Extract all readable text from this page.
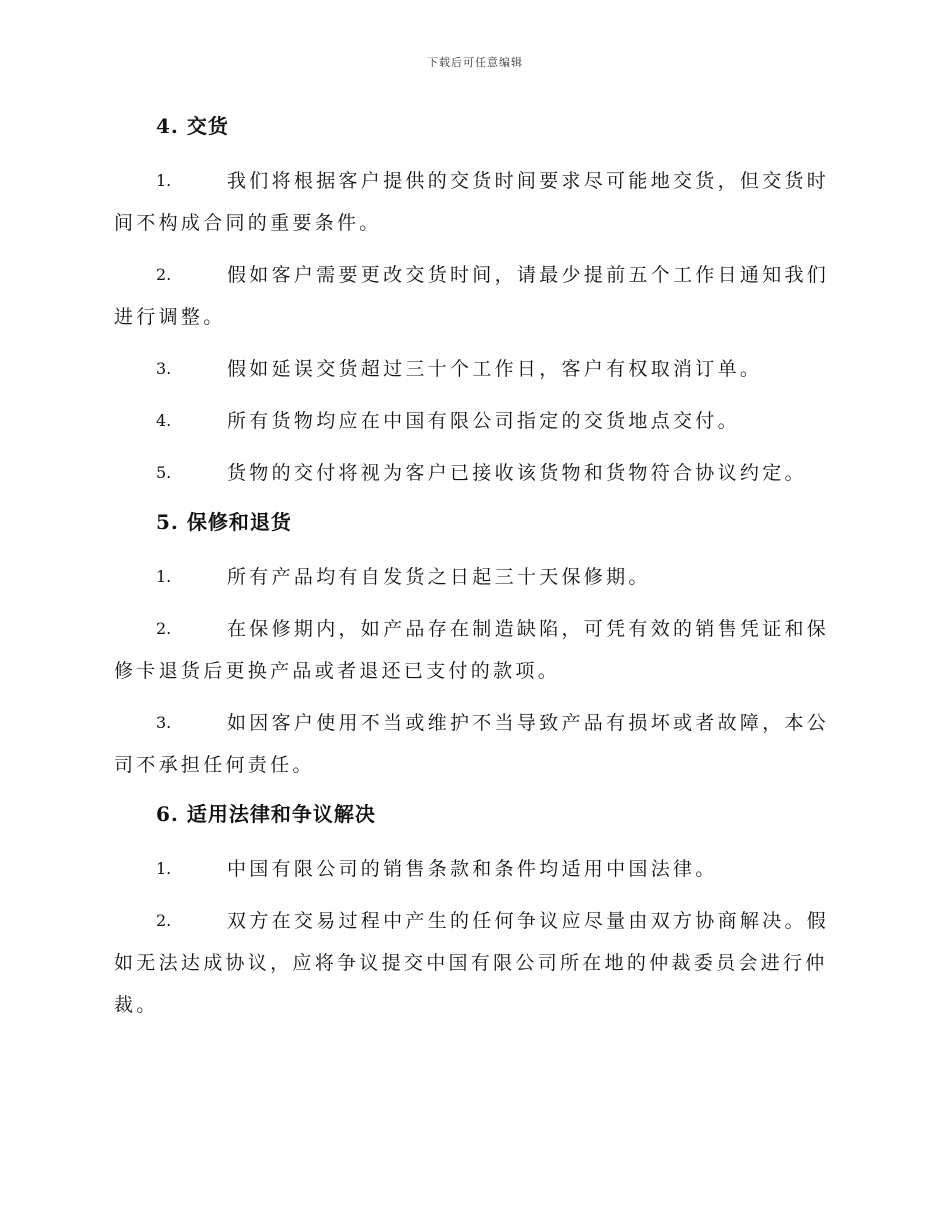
下载后可任意编辑
4. 交货
1.	我们将根据客户提供的交货时间要求尽可能地交货，但交货时间不构成合同的重要条件。
2.	假如客户需要更改交货时间，请最少提前五个工作日通知我们进行调整。
3.	假如延误交货超过三十个工作日，客户有权取消订单。
4.	所有货物均应在中国有限公司指定的交货地点交付。
5.	货物的交付将视为客户已接收该货物和货物符合协议约定。
5. 保修和退货
1.	所有产品均有自发货之日起三十天保修期。
2.	在保修期内，如产品存在制造缺陷，可凭有效的销售凭证和保修卡退货后更换产品或者退还已支付的款项。
3.	如因客户使用不当或维护不当导致产品有损坏或者故障，本公司不承担任何责任。
6. 适用法律和争议解决
1.	中国有限公司的销售条款和条件均适用中国法律。
2.	双方在交易过程中产生的任何争议应尽量由双方协商解决。假如无法达成协议，应将争议提交中国有限公司所在地的仲裁委员会进行仲裁。
